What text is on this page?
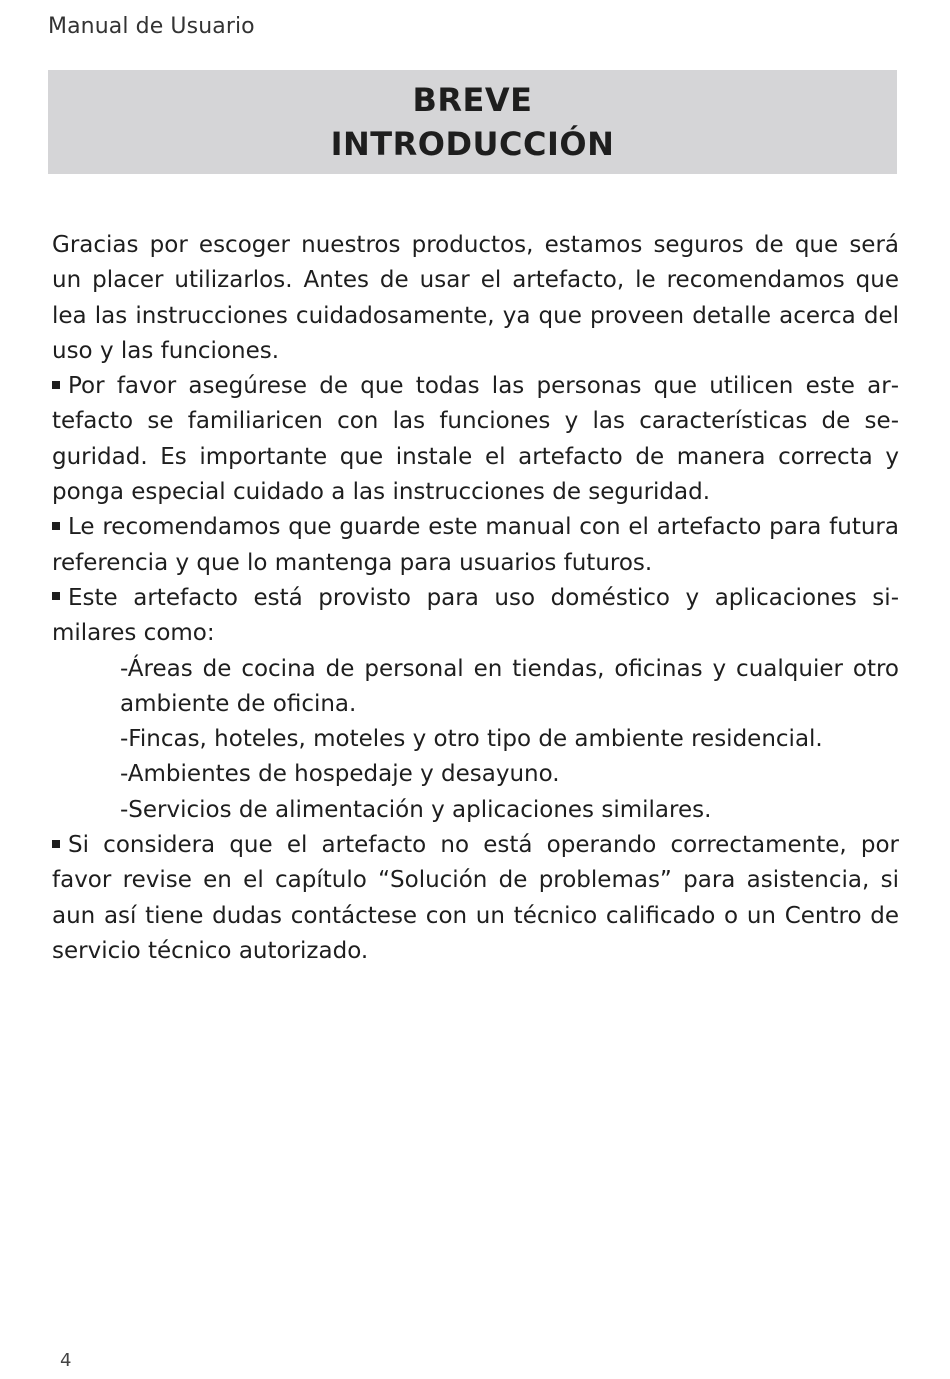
Manual de Usuario
BREVE
INTRODUCCIÓN

Gracias por escoger nuestros productos, estamos seguros de que será un placer utilizarlos. Antes de usar el artefacto, le recomendamos que lea las instrucciones cuidadosamente, ya que proveen detalle acerca del uso y las funciones.

Por favor asegúrese de que todas las personas que utilicen este artefacto se familiaricen con las funciones y las características de seguridad. Es importante que instale el artefacto de manera correcta y ponga especial cuidado a las instrucciones de seguridad.

Le recomendamos que guarde este manual con el artefacto para futura referencia y que lo mantenga para usuarios futuros.

Este artefacto está provisto para uso doméstico y aplicaciones similares como:

-Áreas de cocina de personal en tiendas, oficinas y cualquier otro ambiente de oficina.
-Fincas, hoteles, moteles y otro tipo de ambiente residencial.
-Ambientes de hospedaje y desayuno.
-Servicios de alimentación y aplicaciones similares.

Si considera que el artefacto no está operando correctamente, por favor revise en el capítulo “Solución de problemas” para asistencia, si aun así tiene dudas contáctese con un técnico calificado o un Centro de servicio técnico autorizado.

4
